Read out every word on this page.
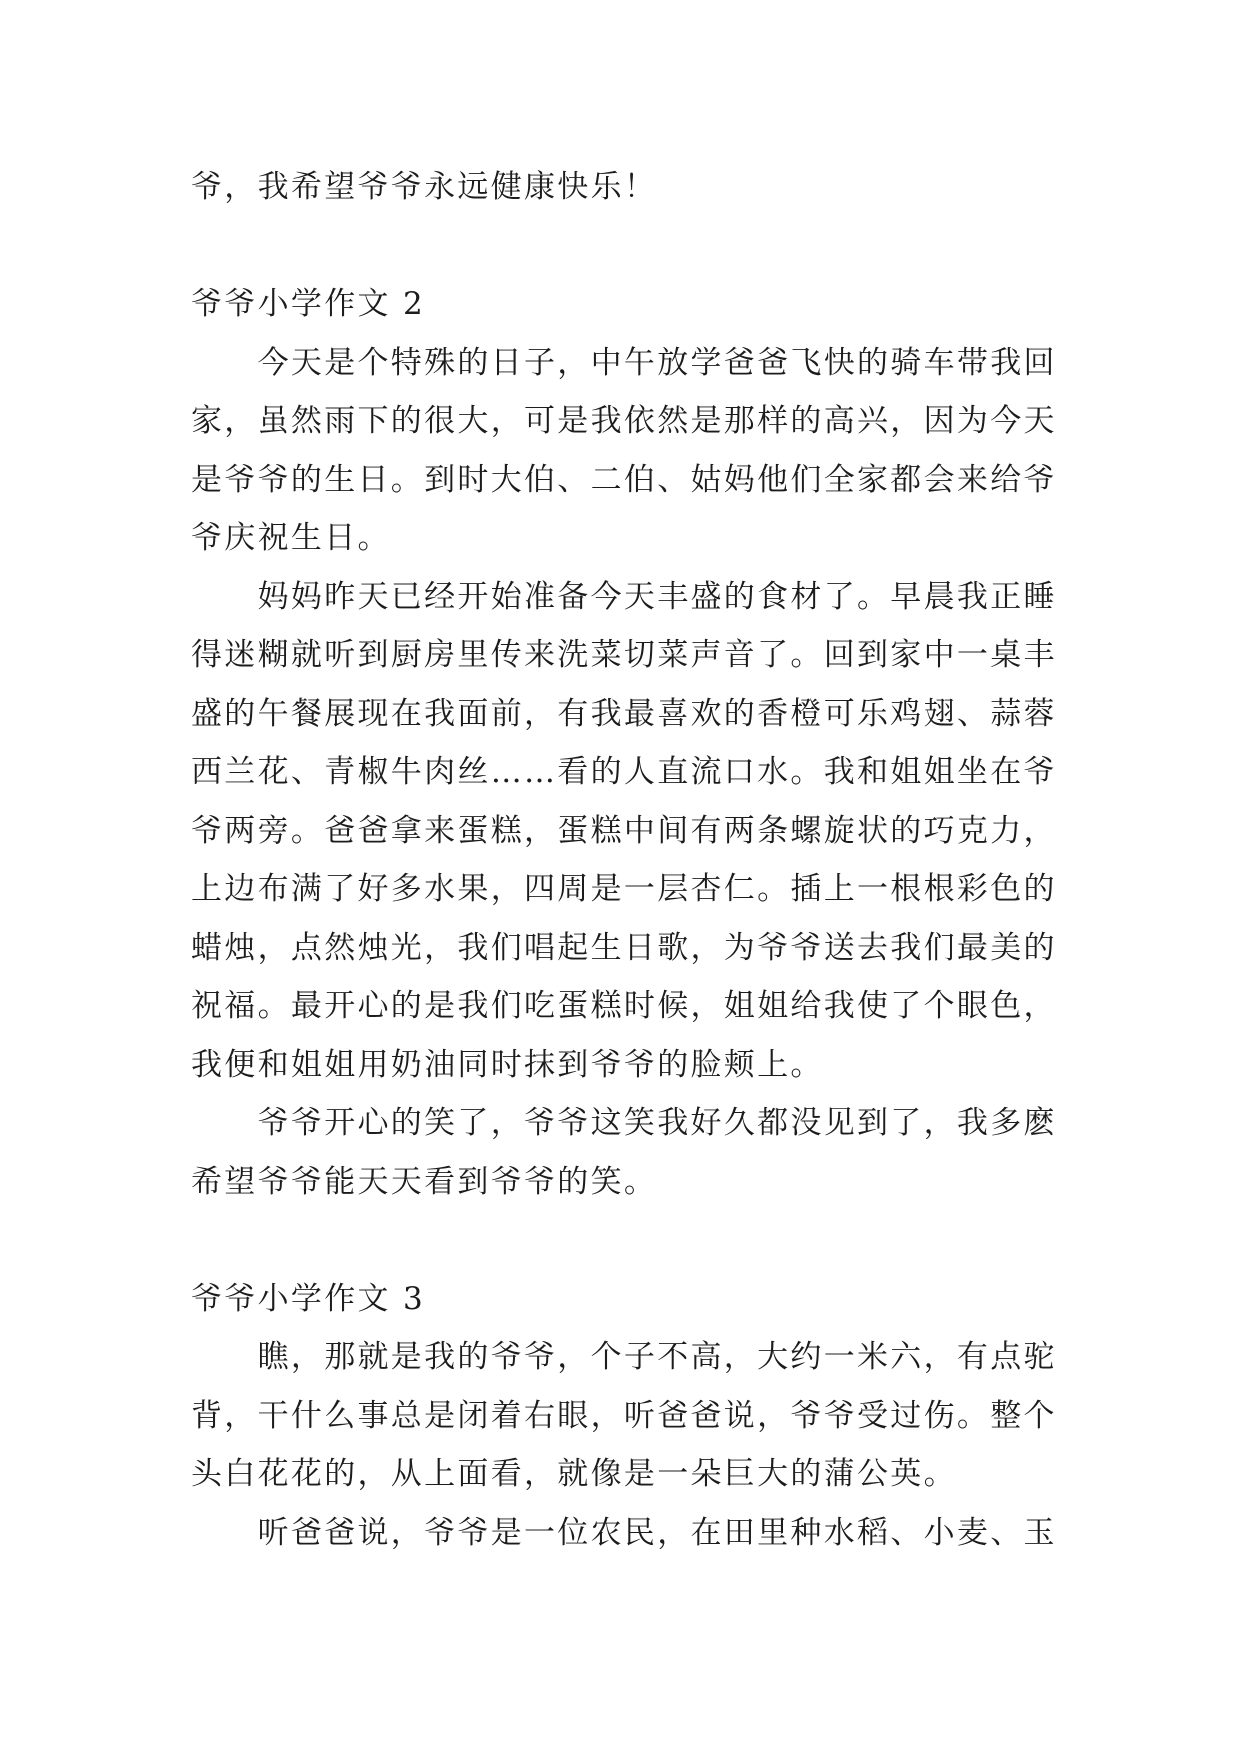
爷，我希望爷爷永远健康快乐！
爷爷小学作文 2
今天是个特殊的日子，中午放学爸爸飞快的骑车带我回
家，虽然雨下的很大，可是我依然是那样的高兴，因为今天
是爷爷的生日。到时大伯、二伯、姑妈他们全家都会来给爷
爷庆祝生日。
妈妈昨天已经开始准备今天丰盛的食材了。早晨我正睡
得迷糊就听到厨房里传来洗菜切菜声音了。回到家中一桌丰
盛的午餐展现在我面前，有我最喜欢的香橙可乐鸡翅、蒜蓉
西兰花、青椒牛肉丝……看的人直流口水。我和姐姐坐在爷
爷两旁。爸爸拿来蛋糕，蛋糕中间有两条螺旋状的巧克力，
上边布满了好多水果，四周是一层杏仁。插上一根根彩色的
蜡烛，点然烛光，我们唱起生日歌，为爷爷送去我们最美的
祝福。最开心的是我们吃蛋糕时候，姐姐给我使了个眼色，
我便和姐姐用奶油同时抹到爷爷的脸颊上。
爷爷开心的笑了，爷爷这笑我好久都没见到了，我多麽
希望爷爷能天天看到爷爷的笑。
爷爷小学作文 3
瞧，那就是我的爷爷，个子不高，大约一米六，有点驼
背，干什么事总是闭着右眼，听爸爸说，爷爷受过伤。整个
头白花花的，从上面看，就像是一朵巨大的蒲公英。
听爸爸说，爷爷是一位农民，在田里种水稻、小麦、玉
